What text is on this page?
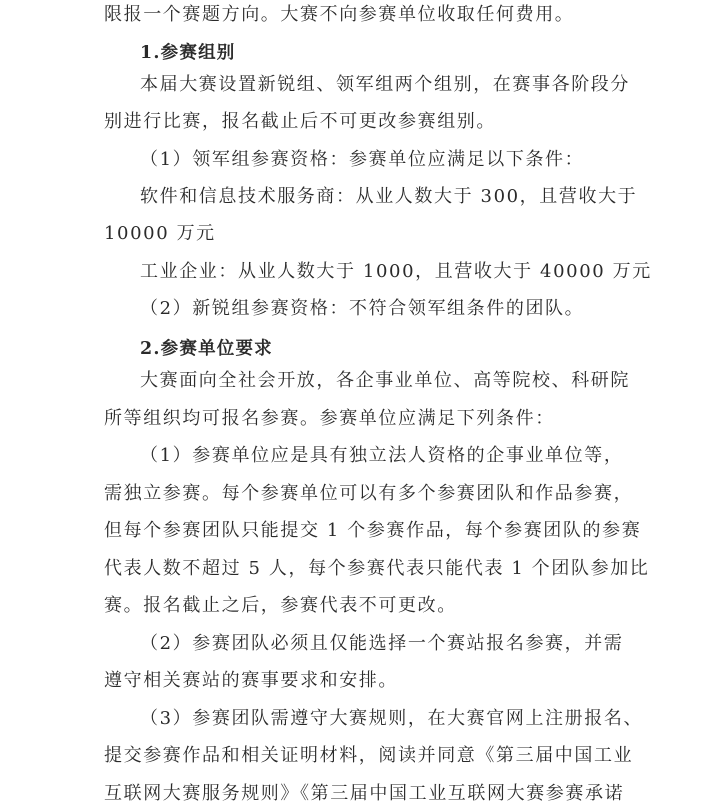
限报一个赛题方向。大赛不向参赛单位收取任何费用。
1.参赛组别
本届大赛设置新锐组、领军组两个组别，在赛事各阶段分
别进行比赛，报名截止后不可更改参赛组别。
（1）领军组参赛资格：参赛单位应满足以下条件：
软件和信息技术服务商：从业人数大于 300，且营收大于
10000 万元
工业企业：从业人数大于 1000，且营收大于 40000 万元
（2）新锐组参赛资格：不符合领军组条件的团队。
2.参赛单位要求
大赛面向全社会开放，各企事业单位、高等院校、科研院
所等组织均可报名参赛。参赛单位应满足下列条件：
（1）参赛单位应是具有独立法人资格的企事业单位等，
需独立参赛。每个参赛单位可以有多个参赛团队和作品参赛，
但每个参赛团队只能提交 1 个参赛作品，每个参赛团队的参赛
代表人数不超过 5 人，每个参赛代表只能代表 1 个团队参加比
赛。报名截止之后，参赛代表不可更改。
（2）参赛团队必须且仅能选择一个赛站报名参赛，并需
遵守相关赛站的赛事要求和安排。
（3）参赛团队需遵守大赛规则，在大赛官网上注册报名、
提交参赛作品和相关证明材料，阅读并同意《第三届中国工业
互联网大赛服务规则》《第三届中国工业互联网大赛参赛承诺
